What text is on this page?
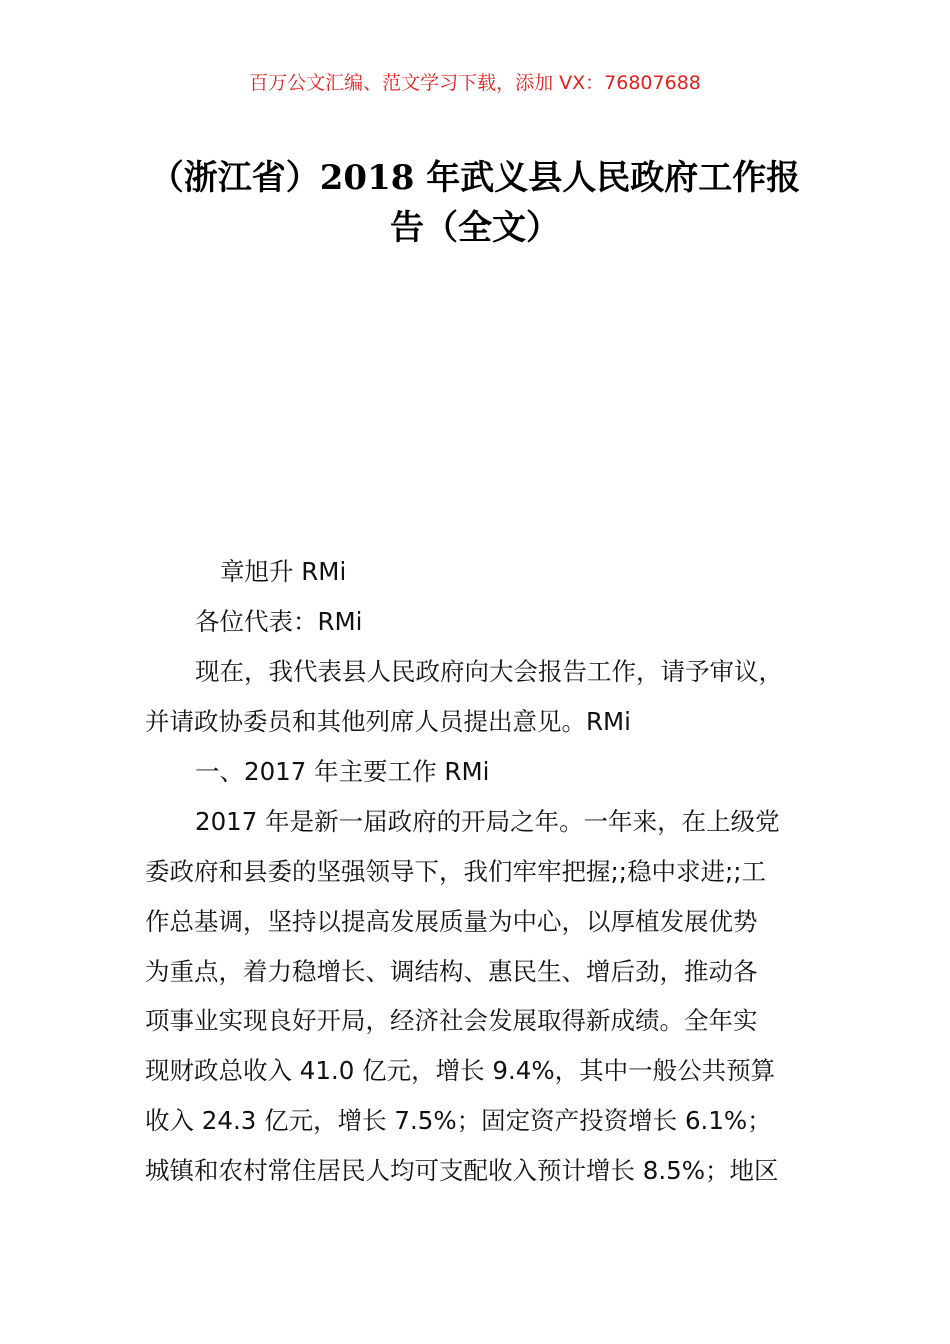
百万公文汇编、范文学习下载，添加 VX：76807688
（浙江省）2018 年武义县人民政府工作报
告（全文）
章旭升 RMi
各位代表：RMi
现在，我代表县人民政府向大会报告工作，请予审议，
并请政协委员和其他列席人员提出意见。RMi
一、2017 年主要工作 RMi
2017 年是新一届政府的开局之年。一年来，在上级党
委政府和县委的坚强领导下，我们牢牢把握;;稳中求进;;工
作总基调，坚持以提高发展质量为中心，以厚植发展优势
为重点，着力稳增长、调结构、惠民生、增后劲，推动各
项事业实现良好开局，经济社会发展取得新成绩。全年实
现财政总收入 41.0 亿元，增长 9.4%，其中一般公共预算
收入 24.3 亿元，增长 7.5%；固定资产投资增长 6.1%；
城镇和农村常住居民人均可支配收入预计增长 8.5%；地区
